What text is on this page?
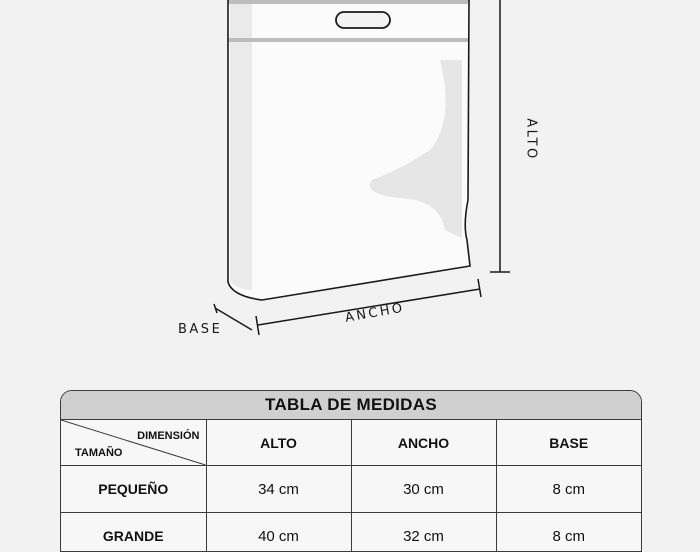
BASE
ANCHO
ALTO
TABLA DE MEDIDAS
DIMENSIÓN
TAMAÑO	ALTO	ANCHO	BASE
PEQUEÑO	34 cm	30 cm	8 cm
GRANDE	40 cm	32 cm	8 cm
